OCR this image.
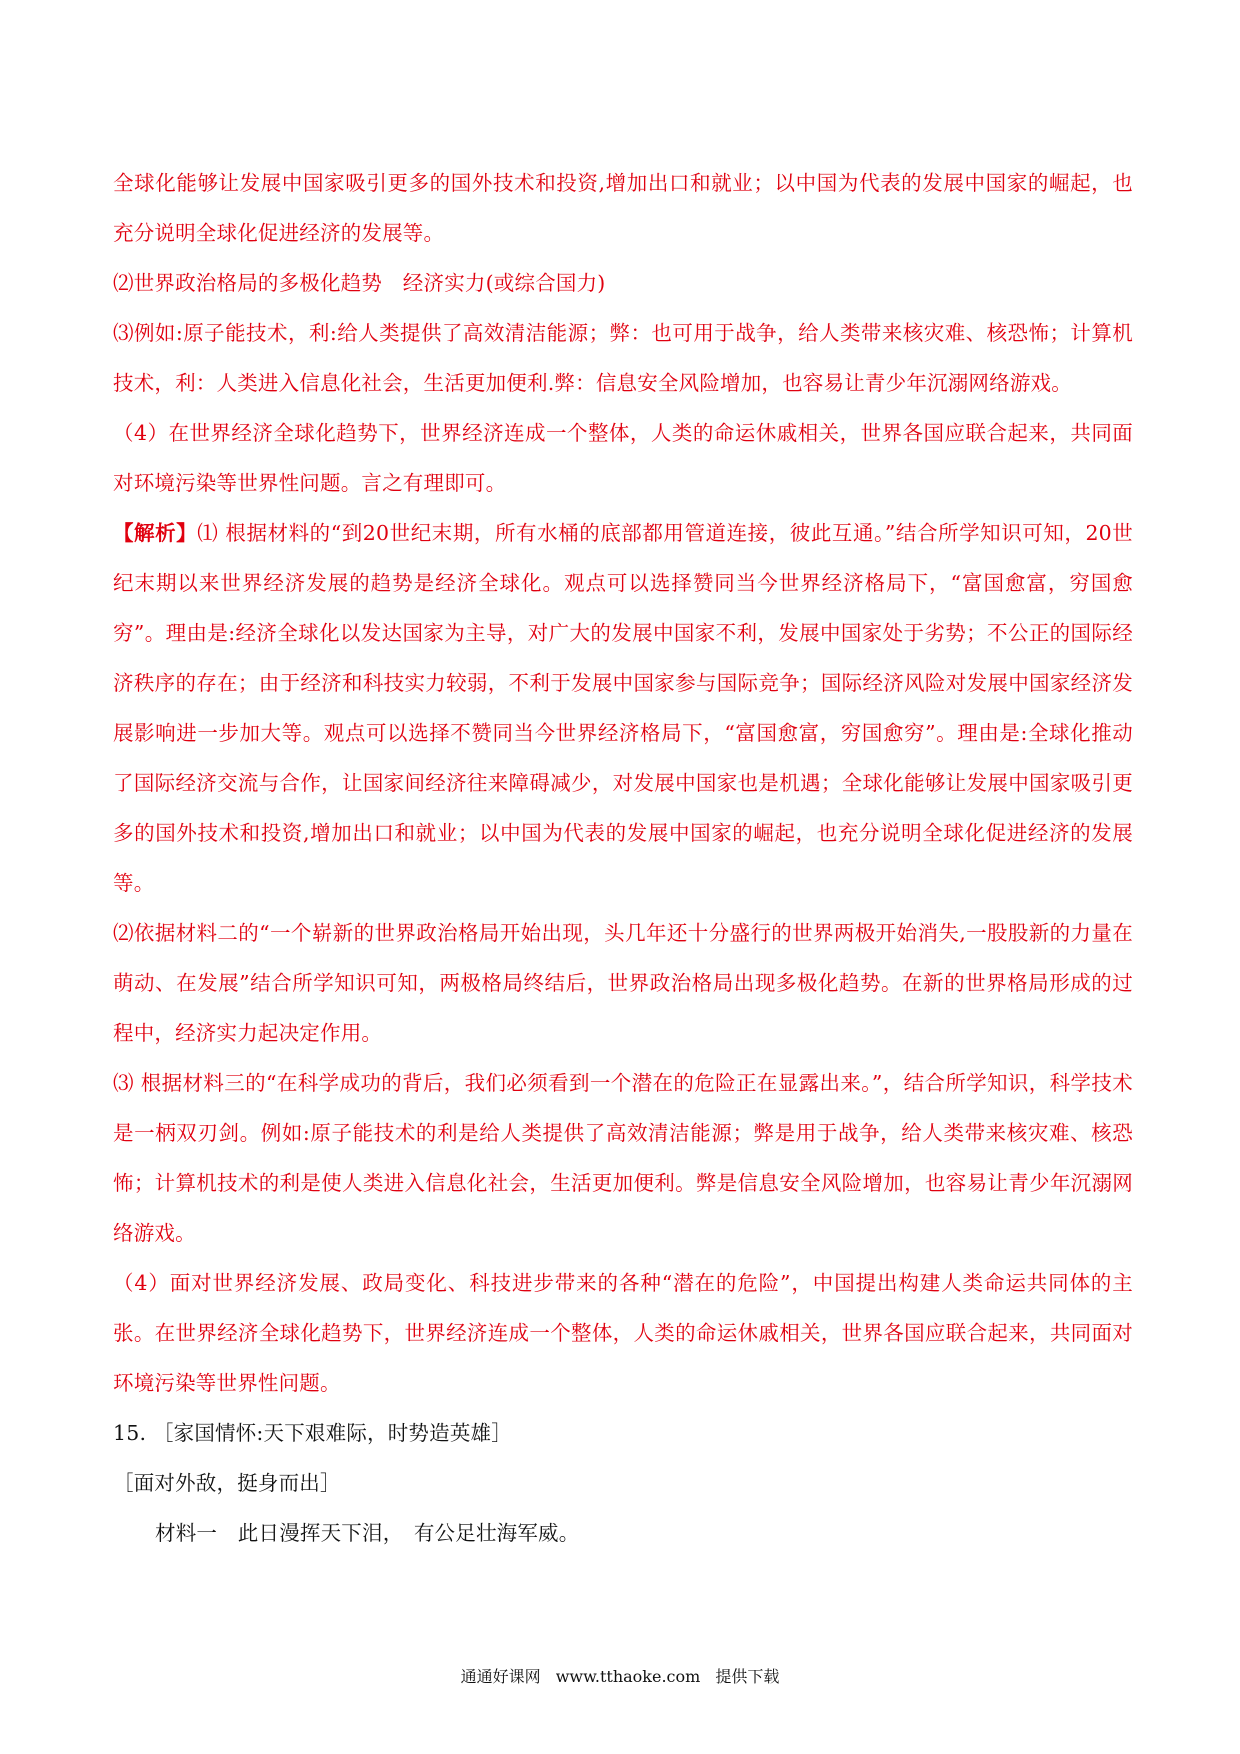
全球化能够让发展中国家吸引更多的国外技术和投资,增加出口和就业；以中国为代表的发展中国家的崛起，也充分说明全球化促进经济的发展等。

⑵世界政治格局的多极化趋势　经济实力(或综合国力)

⑶例如:原子能技术，利:给人类提供了高效清洁能源；弊：也可用于战争，给人类带来核灾难、核恐怖；计算机技术，利：人类进入信息化社会，生活更加便利.弊：信息安全风险增加，也容易让青少年沉溺网络游戏。

（4）在世界经济全球化趋势下，世界经济连成一个整体，人类的命运休戚相关，世界各国应联合起来，共同面对环境污染等世界性问题。言之有理即可。

【解析】⑴ 根据材料的“到20世纪末期，所有水桶的底部都用管道连接，彼此互通。”结合所学知识可知，20世纪末期以来世界经济发展的趋势是经济全球化。观点可以选择赞同当今世界经济格局下，“富国愈富，穷国愈穷”。理由是:经济全球化以发达国家为主导，对广大的发展中国家不利，发展中国家处于劣势；不公正的国际经济秩序的存在；由于经济和科技实力较弱，不利于发展中国家参与国际竞争；国际经济风险对发展中国家经济发展影响进一步加大等。观点可以选择不赞同当今世界经济格局下，“富国愈富，穷国愈穷”。理由是:全球化推动了国际经济交流与合作，让国家间经济往来障碍减少，对发展中国家也是机遇；全球化能够让发展中国家吸引更多的国外技术和投资,增加出口和就业；以中国为代表的发展中国家的崛起，也充分说明全球化促进经济的发展等。

⑵依据材料二的“一个崭新的世界政治格局开始出现，头几年还十分盛行的世界两极开始消失,一股股新的力量在萌动、在发展”结合所学知识可知，两极格局终结后，世界政治格局出现多极化趋势。在新的世界格局形成的过程中，经济实力起决定作用。

⑶ 根据材料三的“在科学成功的背后，我们必须看到一个潜在的危险正在显露出来。”，结合所学知识，科学技术是一柄双刃剑。例如:原子能技术的利是给人类提供了高效清洁能源；弊是用于战争，给人类带来核灾难、核恐怖；计算机技术的利是使人类进入信息化社会，生活更加便利。弊是信息安全风险增加，也容易让青少年沉溺网络游戏。

（4）面对世界经济发展、政局变化、科技进步带来的各种“潜在的危险”，中国提出构建人类命运共同体的主张。在世界经济全球化趋势下，世界经济连成一个整体，人类的命运休戚相关，世界各国应联合起来，共同面对环境污染等世界性问题。

15. ［家国情怀:天下艰难际，时势造英雄］

［面对外敌，挺身而出］

材料一　此日漫挥天下泪，　有公足壮海军威。

通通好课网 www.tthaoke.com 提供下载
